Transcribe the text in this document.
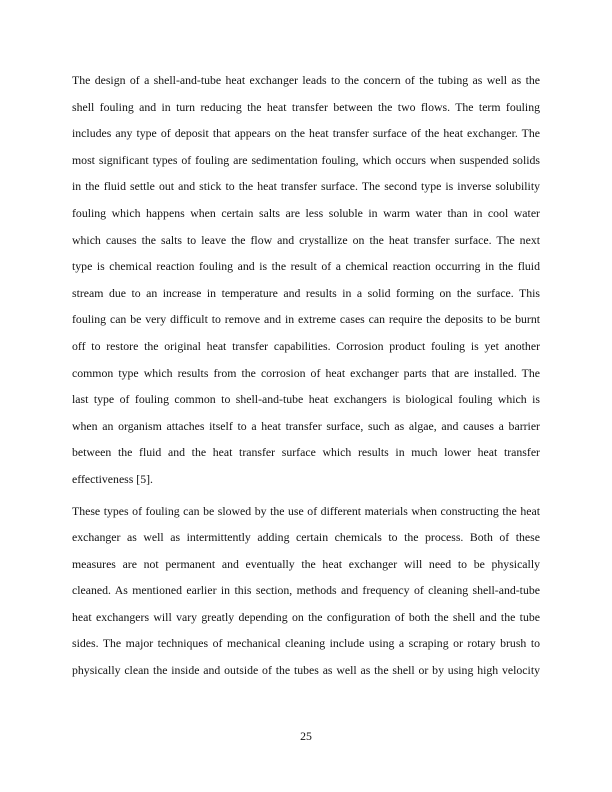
The design of a shell-and-tube heat exchanger leads to the concern of the tubing as well as the
shell fouling and in turn reducing the heat transfer between the two flows. The term fouling
includes any type of deposit that appears on the heat transfer surface of the heat exchanger. The
most significant types of fouling are sedimentation fouling, which occurs when suspended solids
in the fluid settle out and stick to the heat transfer surface. The second type is inverse solubility
fouling which happens when certain salts are less soluble in warm water than in cool water
which causes the salts to leave the flow and crystallize on the heat transfer surface. The next
type is chemical reaction fouling and is the result of a chemical reaction occurring in the fluid
stream due to an increase in temperature and results in a solid forming on the surface. This
fouling can be very difficult to remove and in extreme cases can require the deposits to be burnt
off to restore the original heat transfer capabilities. Corrosion product fouling is yet another
common type which results from the corrosion of heat exchanger parts that are installed. The
last type of fouling common to shell-and-tube heat exchangers is biological fouling which is
when an organism attaches itself to a heat transfer surface, such as algae, and causes a barrier
between the fluid and the heat transfer surface which results in much lower heat transfer
effectiveness [5].
These types of fouling can be slowed by the use of different materials when constructing the heat
exchanger as well as intermittently adding certain chemicals to the process. Both of these
measures are not permanent and eventually the heat exchanger will need to be physically
cleaned. As mentioned earlier in this section, methods and frequency of cleaning shell-and-tube
heat exchangers will vary greatly depending on the configuration of both the shell and the tube
sides. The major techniques of mechanical cleaning include using a scraping or rotary brush to
physically clean the inside and outside of the tubes as well as the shell or by using high velocity
25
